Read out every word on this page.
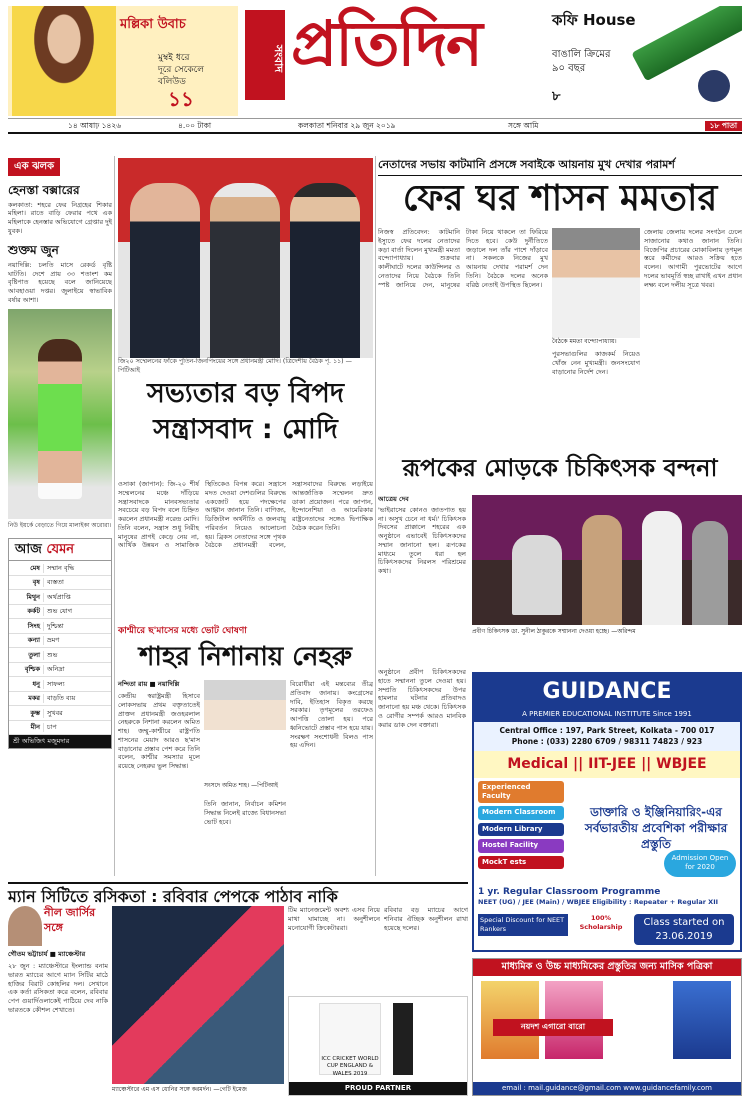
মল্লিকা উবাচ
মুম্বই ধরে
দূরে সেকেলে
বলিউড
১১
সংবাদ প্রতিদিন	কফি House
বাঙালি ক্রিমের
৯০ বছর
৮
১৪ আষাঢ় ১৪২৬	৪.০০ টাকা	কলকাতা শনিবার ২৯ জুন ২০১৯	সঙ্গে আমি	১৮ পাতা
এক ঝলক
হেনস্তা বক্সারের
কলকাতা: শহরে ফের নিগ্রহের শিকার মহিলা। রাতে বাড়ি ফেরার পথে এক মহিলাকে হেনস্তার অভিযোগে গ্রেপ্তার দুই যুবক।
শুক্তম জুন
নয়াদিল্লি: চলতি মাসে রেকর্ড বৃষ্টি ঘাটতি। দেশে প্রায় ৩৩ শতাংশ কম বৃষ্টিপাত হয়েছে বলে জানিয়েছে আবহাওয়া দপ্তর। জুলাইয়ে স্বাভাবিক বর্ষার আশা।
নিউ ইয়র্কে বেড়াতে গিয়ে মালাইকা অরোরা।
আজ যেমন
মেষ	সম্মান বৃদ্ধি
বৃষ	ব্যস্ততা
মিথুন	অর্থপ্রাপ্তি
কর্কট	শুভ যোগ
সিংহ	দুশ্চিন্তা
কন্যা	ভ্রমণ
তুলা	শুভ
বৃশ্চিক	অনিদ্রা
ধনু	সাফল্য
মকর	বাড়তি ব্যয়
কুম্ভ	সুখবর
মীন	চাপ
শ্রী অভিজিৎ মজুমদার
জি২০ সম্মেলনের ফাঁকে পুতিন-জিনপিংয়ের সঙ্গে প্রধানমন্ত্রী মোদি। (ত্রিদেশীয় বৈঠক পৃ. ১১) —পিটিআই
সভ্যতার বড় বিপদ
সন্ত্রাসবাদ : মোদি
ওসাকা (জাপান): জি-২০ শীর্ষ সম্মেলনের মঞ্চে দাঁড়িয়ে সন্ত্রাসবাদকে মানবসভ্যতার সবচেয়ে বড় বিপদ বলে চিহ্নিত করলেন প্রধানমন্ত্রী নরেন্দ্র মোদি। তিনি বলেন, সন্ত্রাস শুধু নিরীহ মানুষের প্রাণই কেড়ে নেয় না, আর্থিক উন্নয়ন ও সামাজিক স্থিতিকেও বিপন্ন করে। সন্ত্রাসে মদত দেওয়া দেশগুলির বিরুদ্ধে একজোট হয়ে পদক্ষেপের আহ্বান জানান তিনি। বাণিজ্য, ডিজিটাল অর্থনীতি ও জলবায়ু পরিবর্তন নিয়েও আলোচনা হয়। ব্রিকস নেতাদের সঙ্গে পৃথক বৈঠকে প্রধানমন্ত্রী বলেন, সন্ত্রাসবাদের বিরুদ্ধে লড়াইয়ে আন্তর্জাতিক সম্মেলন দ্রুত ডাকা প্রয়োজন। পরে জাপান, ইন্দোনেশিয়া ও আমেরিকার রাষ্ট্রনেতাদের সঙ্গেও দ্বিপাক্ষিক বৈঠক করেন তিনি।
কাশ্মীরে ছ'মাসের মধ্যে ভোট ঘোষণা
শাহর নিশানায় নেহরু
নন্দিতা রায় ■ নয়াদিল্লি
কেন্দ্রীয় স্বরাষ্ট্রমন্ত্রী হিসাবে লোকসভায় প্রথম বক্তৃতাতেই প্রাক্তন প্রধানমন্ত্রী জওহরলাল নেহরুকে নিশানা করলেন অমিত শাহ। জম্মু-কাশ্মীরে রাষ্ট্রপতি শাসনের মেয়াদ আরও ছ'মাস বাড়ানোর প্রস্তাব পেশ করে তিনি বলেন, কাশ্মীর সমস্যার মূলে রয়েছে নেহরুর ভুল সিদ্ধান্ত।
সংসদে অমিত শাহ। —পিটিআই
তিনি জানান, নির্বাচন কমিশন সিদ্ধান্ত নিলেই রাজ্যে বিধানসভা ভোট হবে।
বিরোধীরা এই মন্তব্যের তীব্র প্রতিবাদ জানায়। কংগ্রেসের দাবি, ইতিহাস বিকৃত করছে সরকার। তৃণমূলের তরফেও আপত্তি তোলা হয়। পরে ধ্বনিভোটে প্রস্তাব পাস হয়ে যায়। সংরক্ষণ সংশোধনী বিলও পাস হয় এদিন।
নেতাদের সভায় কাটমানি প্রসঙ্গে সবাইকে আয়নায় মুখ দেখার পরামর্শ
ফের ঘর শাসন মমতার
নিজস্ব প্রতিবেদন: কাটমানি ইস্যুতে ফের দলের নেতাদের কড়া বার্তা দিলেন মুখ্যমন্ত্রী মমতা বন্দ্যোপাধ্যায়। শুক্রবার কালীঘাটে দলের কাউন্সিলর ও নেতাদের নিয়ে বৈঠকে তিনি স্পষ্ট জানিয়ে দেন, মানুষের টাকা নিয়ে থাকলে তা ফিরিয়ে দিতে হবে। কেউ দুর্নীতিতে জড়ালে দল তাঁর পাশে দাঁড়াবে না। সকলকে নিজের মুখ আয়নায় দেখার পরামর্শ দেন তিনি। বৈঠকে দলের অনেক বরিষ্ঠ নেতাই উপস্থিত ছিলেন।
বৈঠকে মমতা বন্দ্যোপাধ্যায়।
পুরসভাগুলির কাজকর্ম নিয়েও খোঁজ নেন মুখ্যমন্ত্রী। জনসংযোগ বাড়ানোর নির্দেশ দেন।
জেলায় জেলায় দলের সংগঠন ঢেলে সাজানোর কথাও জানান তিনি। বিজেপির প্রচারের মোকাবিলায় তৃণমূল স্তরে কর্মীদের আরও সক্রিয় হতে বলেন। আগামী পুরভোটের আগে দলের ভাবমূর্তি স্বচ্ছ রাখাই এখন প্রধান লক্ষ্য বলে দলীয় সূত্রে খবর।
রূপকের মোড়কে চিকিৎসক বন্দনা
আত্রেয় দেব
'ভাইরাসের কোনও জাতপাত হয় না। অসুখ চেনে না ধর্ম।' চিকিৎসক দিবসের প্রাক্কালে শহরের এক অনুষ্ঠানে এভাবেই চিকিৎসকদের সম্মান জানানো হল। রূপকের মাধ্যমে তুলে ধরা হল চিকিৎসকদের নিরলস পরিশ্রমের কথা।
প্রবীণ চিকিৎসক ডা. সুনীল ঠাকুরকে সম্মাননা দেওয়া হচ্ছে। —অরিন্দম
অনুষ্ঠানে প্রবীণ চিকিৎসকদের হাতে সম্মাননা তুলে দেওয়া হয়। সম্প্রতি চিকিৎসকদের উপর হামলার ঘটনার প্রতিবাদও জানানো হয় মঞ্চ থেকে। চিকিৎসক ও রোগীর সম্পর্ক আরও মানবিক করার ডাক দেন বক্তারা।
GUIDANCE
A PREMIER EDUCATIONAL INSTITUTE Since 1991
Central Office : 197, Park Street, Kolkata - 700 017
Phone : (033) 2280 6709 / 98311 74823 / 923
Medical || IIT-JEE || WBJEE
Experienced Faculty
Modern Classroom
Modern Library
Hostel Facility
MockT ests
ডাক্তারি ও ইঞ্জিনিয়ারিং-এর সর্বভারতীয় প্রবেশিকা পরীক্ষার প্রস্তুতি
Admission Open for 2020
1 yr. Regular Classroom Programme
NEET (UG) / JEE (Main) / WBJEE Eligibility : Repeater + Regular XII
Special Discount for NEET Rankers
100% Scholarship	Class started on 23.06.2019
ম্যান সিটিতে রসিকতা : রবিবার পেপকে পাঠাব নাকি
নীল জার্সির সঙ্গে
গৌতম ভট্টাচার্য ■ ম্যাঞ্চেস্টার
২৮ জুন : ম্যাঞ্চেস্টারে ইংল্যান্ড বনাম ভারত ম্যাচের আগে ম্যান সিটির মাঠে হাজির বিরাট কোহলির দল। সেখানে এক কর্তা রসিকতা করে বলেন, রবিবার পেপ গুয়ার্দিওলাকেই পাঠিয়ে দেব নাকি ভারতকে কৌশল শেখাতে।
ম্যাঞ্চেস্টারে এম এস ধোনির সঙ্গে করমর্দন। —গেটি ইমেজ
টিম ম্যানেজমেন্ট অবশ্য এসব নিয়ে মাথা ঘামাচ্ছে না। অনুশীলনে মনোযোগী ক্রিকেটাররা।
রবিবার বড় ম্যাচের আগে শনিবার ঐচ্ছিক অনুশীলন রাখা হয়েছে দলের।
ICC CRICKET WORLD CUP ENGLAND & WALES 2019
PROUD PARTNER
মাধ্যমিক ও উচ্চ মাধ্যমিকের প্রস্তুতির জন্য মাসিক পত্রিকা
নয়দশ এগারো বারো
email : mail.guidance@gmail.com www.guidancefamily.com
